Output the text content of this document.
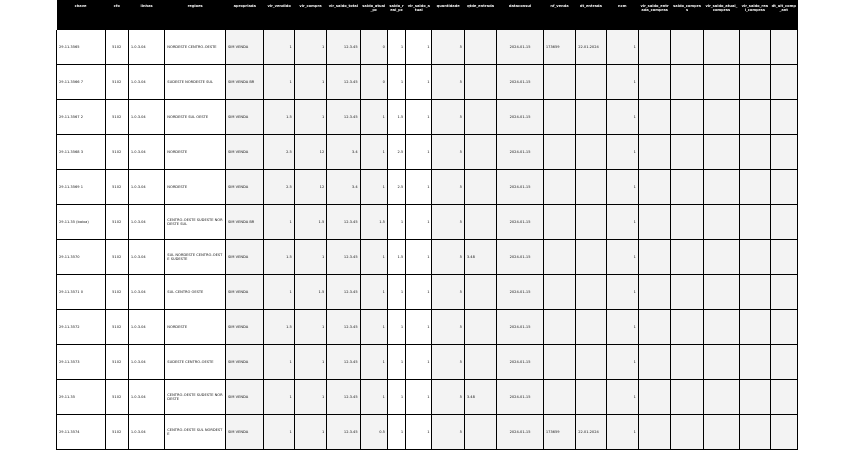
chave	cfo	linhas	regioes	apropriada	vlr_vendido	vlr_compra	vlr_saldo_total	saldo_atual_pc	saldo_real_pc	vlr_saldo_atual	quantidade	qtde_entrada	dataconsul	nf_venda	dt_entrada	ncm	vlr_saldo_entrada_compras	saldo_compras	vlr_saldo_atual_compras	vlr_saldo_real_compras	dt_ult_comp_ant

29.11.3565	5102	1.0.3.04	NORDESTE CENTRO-OESTE	SIM VENDA	1	1	12.3.45	0	1	1	5		2024-01-15	173659	22.01.2024	1					
29.11.3566 7	5102	1.0.3.04	SUDESTE NORDESTE SUL	SIM VENDA BR	1	1	12.3.45	0	1	1	5		2024-01-15			1					
29.11.3567 2	5102	1.0.3.04	NORDESTE SUL OESTE	SIM VENDA	1.5	1	12.3.45	1	1.5	1	5		2024-01-15			1					
29.11.3568 3	5102	1.0.3.04	NORDESTE	SIM VENDA	2.5	12	3.4	1	2.5	1	5		2024-01-15			1					
29.11.3569 1	5102	1.0.3.04	NORDESTE	SIM VENDA	2.5	12	3.4	1	2.5	1	5		2024-01-15			1					
29.11.35 (baixa)	5102	1.0.3.04	CENTRO-OESTE SUDESTE NORDESTE SUL	SIM VENDA BR	1	1.5	12.3.45	1.5	1	1	5		2024-01-15			1					
29.11.3570	5102	1.0.3.04	SUL NORDESTE CENTRO-OESTE SUDESTE	SIM VENDA	1.5	1	12.3.45	1	1.5	1	5	3.48	2024-01-15			1					
29.11.3571 0	5102	1.0.3.04	SUL CENTRO OESTE	SIM VENDA	1	1.5	12.3.45	1	1	1	5		2024-01-15			1					
29.11.3572	5102	1.0.3.04	NORDESTE	SIM VENDA	1.5	1	12.3.45	1	1	1	5		2024-01-15			1					
29.11.3573	5102	1.0.3.04	SUDESTE CENTRO-OESTE	SIM VENDA	1	1	12.3.45	1	1	1	5		2024-01-15			1					
29.11.35	5102	1.0.3.04	CENTRO-OESTE SUDESTE NORDESTE	SIM VENDA	1	1	12.3.45	1	1	1	5	3.48	2024-01-15			1					
29.11.3574	5102	1.0.3.04	CENTRO-OESTE SUL NORDESTE	SIM VENDA	1	1	12.3.45	0.5	1	1	5		2024-01-15	173659	22.01.2024	1					
